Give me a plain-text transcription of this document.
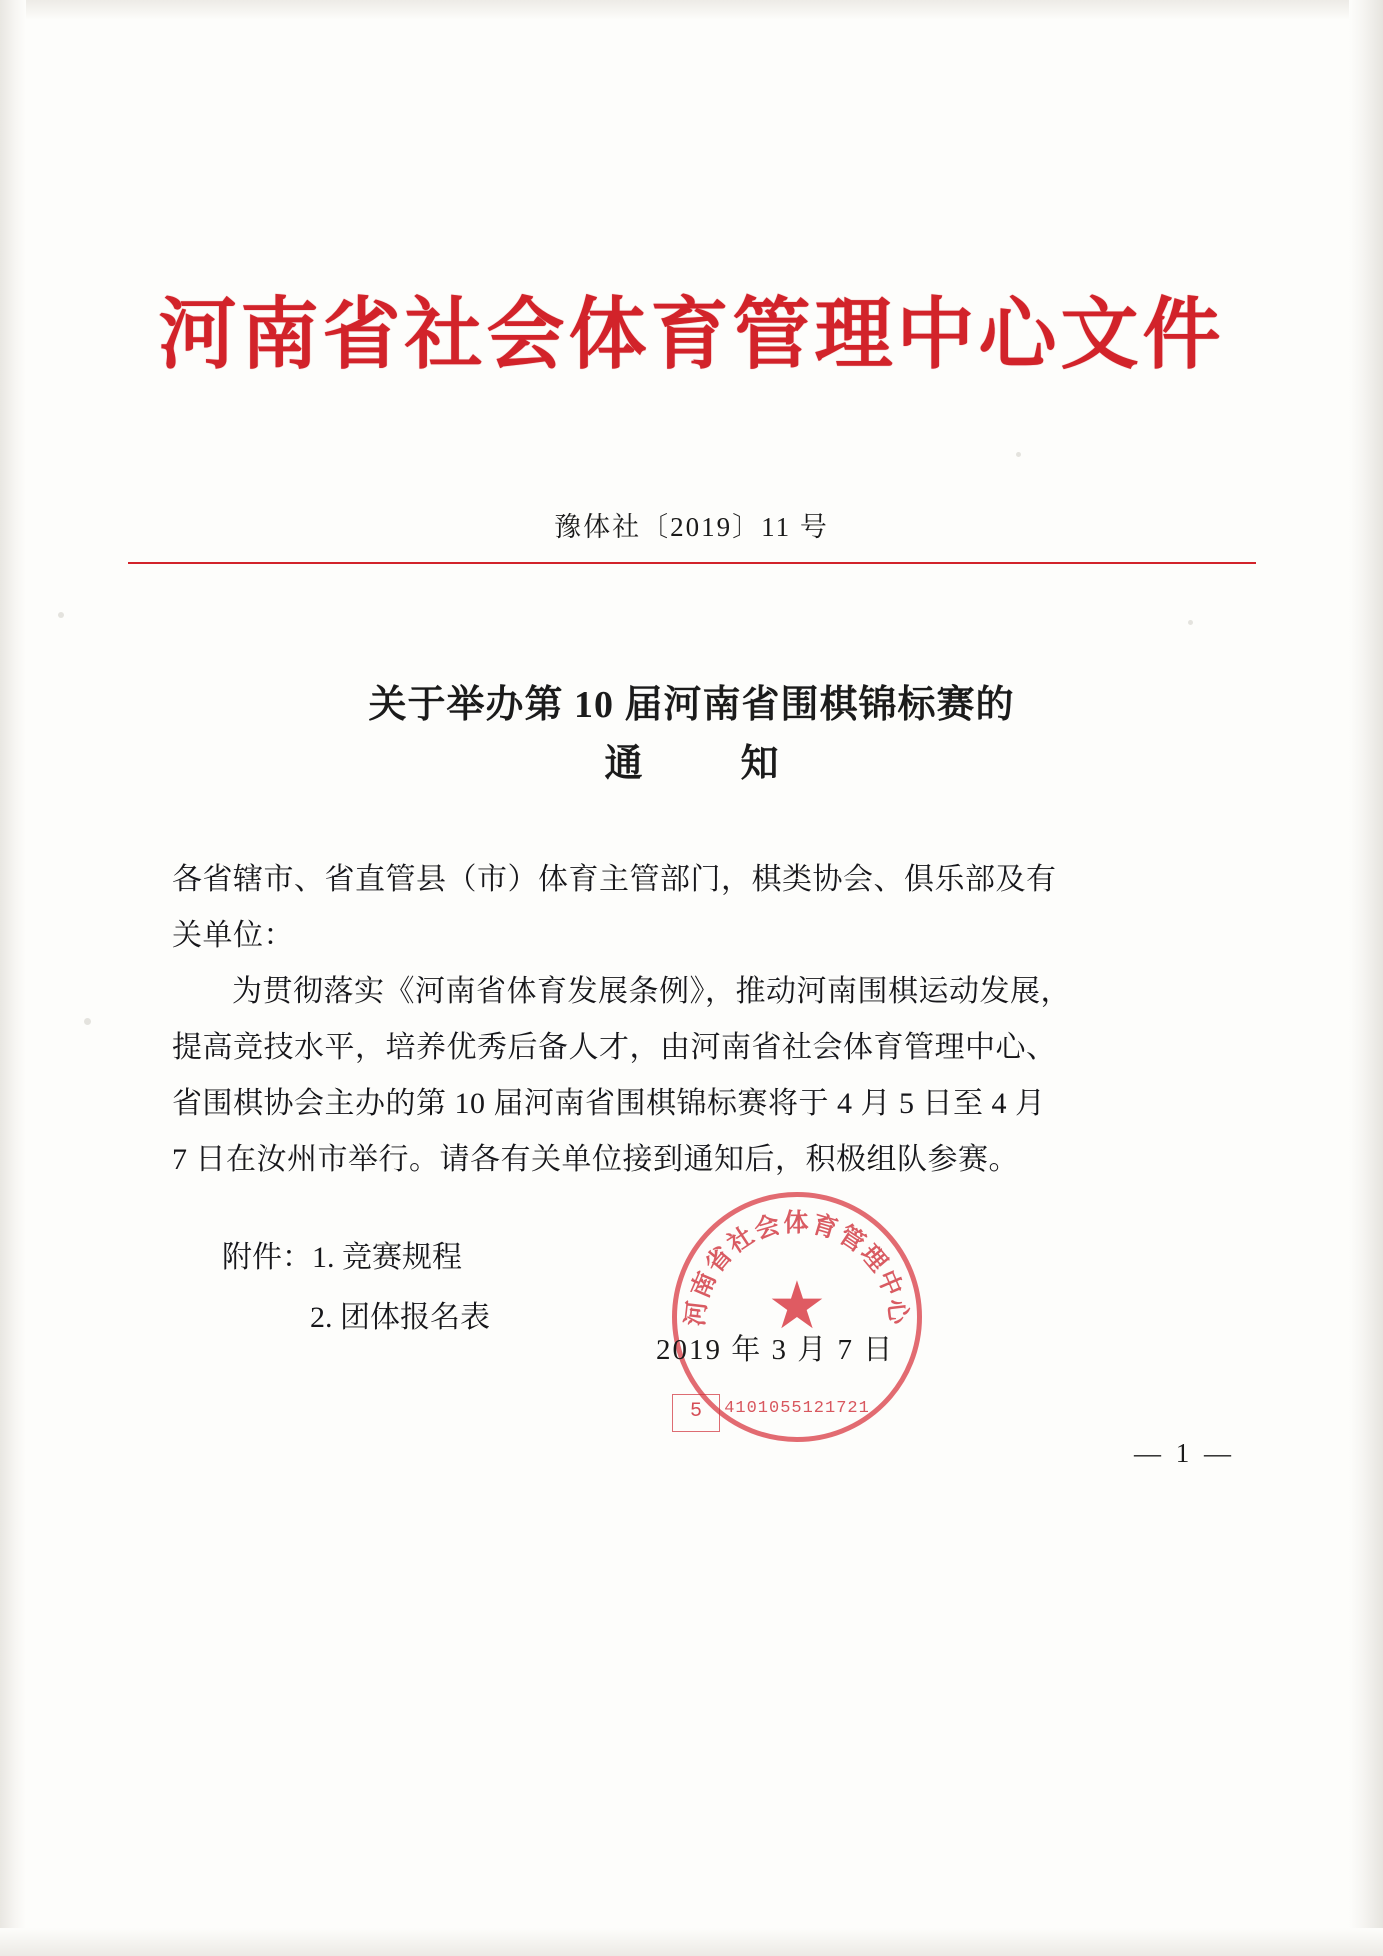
河南省社会体育管理中心文件
豫体社〔2019〕11 号
关于举办第 10 届河南省围棋锦标赛的
通　知

各省辖市、省直管县（市）体育主管部门，棋类协会、俱乐部及有

关单位：

为贯彻落实《河南省体育发展条例》，推动河南围棋运动发展，

提高竞技水平，培养优秀后备人才，由河南省社会体育管理中心、

省围棋协会主办的第 10 届河南省围棋锦标赛将于 4 月 5 日至 4 月

7 日在汝州市举行。请各有关单位接到通知后，积极组队参赛。

附件：1. 竞赛规程
2. 团体报名表	河南省社会体育管理中心
★
4101055121721
5
2019 年 3 月 7 日
— 1 —
